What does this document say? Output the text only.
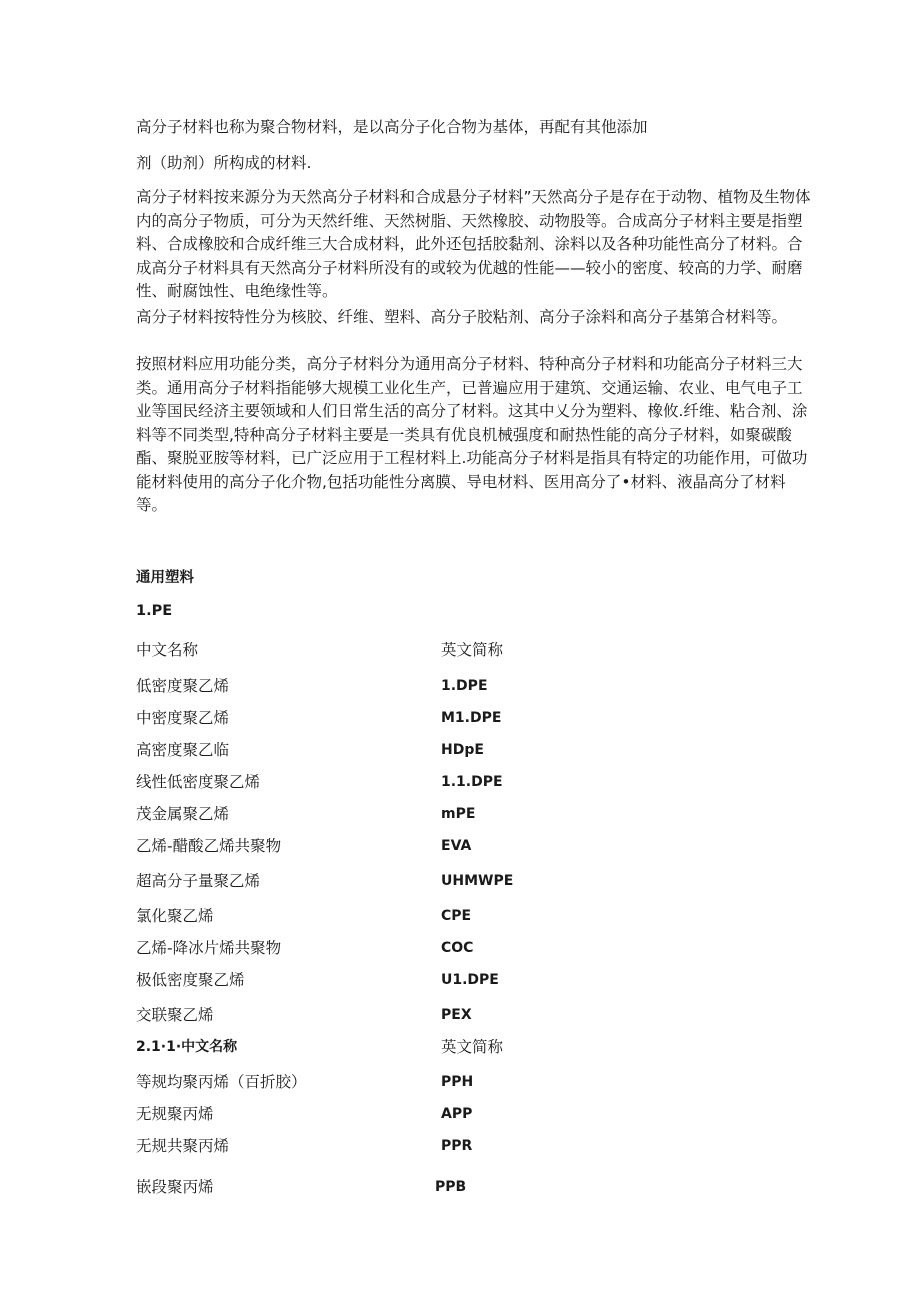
高分子材料也称为聚合物材料，是以高分子化合物为基体，再配有其他添加
剂（助剂）所构成的材料.
高分子材料按来源分为天然高分子材料和合成悬分子材料”天然高分子是存在于动物、植物及生物体内的高分子物质，可分为天然纤维、天然树脂、天然橡胶、动物股等。合成高分子材料主要是指塑料、合成橡胶和合成纤维三大合成材料，此外还包括胶黏剂、涂料以及各种功能性高分了材料。合成高分子材料具有天然高分子材料所没有的或较为优越的性能——较小的密度、较高的力学、耐磨性、耐腐蚀性、电绝缘性等。
高分子材料按特性分为核胶、纤维、塑料、高分子胶粘剂、高分子涂料和高分子基第合材料等。
按照材料应用功能分类，高分子材料分为通用高分子材料、特种高分子材料和功能高分子材料三大类。通用高分子材料指能够大规模工业化生产，已普遍应用于建筑、交通运输、农业、电气电子工业等国民经济主要领域和人们日常生活的高分了材料。这其中乂分为塑料、橡攸.纤维、粘合剂、涂料等不同类型,特种高分子材料主要是一类具有优良机械强度和耐热性能的高分子材料，如聚碳酸酯、聚脱亚胺等材料，已广泛应用于工程材料上.功能高分子材料是指具有特定的功能作用，可做功能材料使用的高分子化介物,包括功能性分离膜、导电材料、医用高分了•材料、液晶高分了材料等。
通用塑料
1.PE
中文名称	英文简称
低密度聚乙烯	1.DPE
中密度聚乙烯	M1.DPE
高密度聚乙临	HDpE
线性低密度聚乙烯	1.1.DPE
茂金属聚乙烯	mPE
乙烯-醋酸乙烯共聚物	EVA
超高分子量聚乙烯	UHMWPE
氯化聚乙烯	CPE
乙烯-降冰片烯共聚物	COC
极低密度聚乙烯	U1.DPE
交联聚乙烯	PEX
2.1·1·中文名称	英文简称
等规均聚丙烯（百折胶）	PPH
无规聚丙烯	APP
无规共聚丙烯	PPR
嵌段聚丙烯	PPB
